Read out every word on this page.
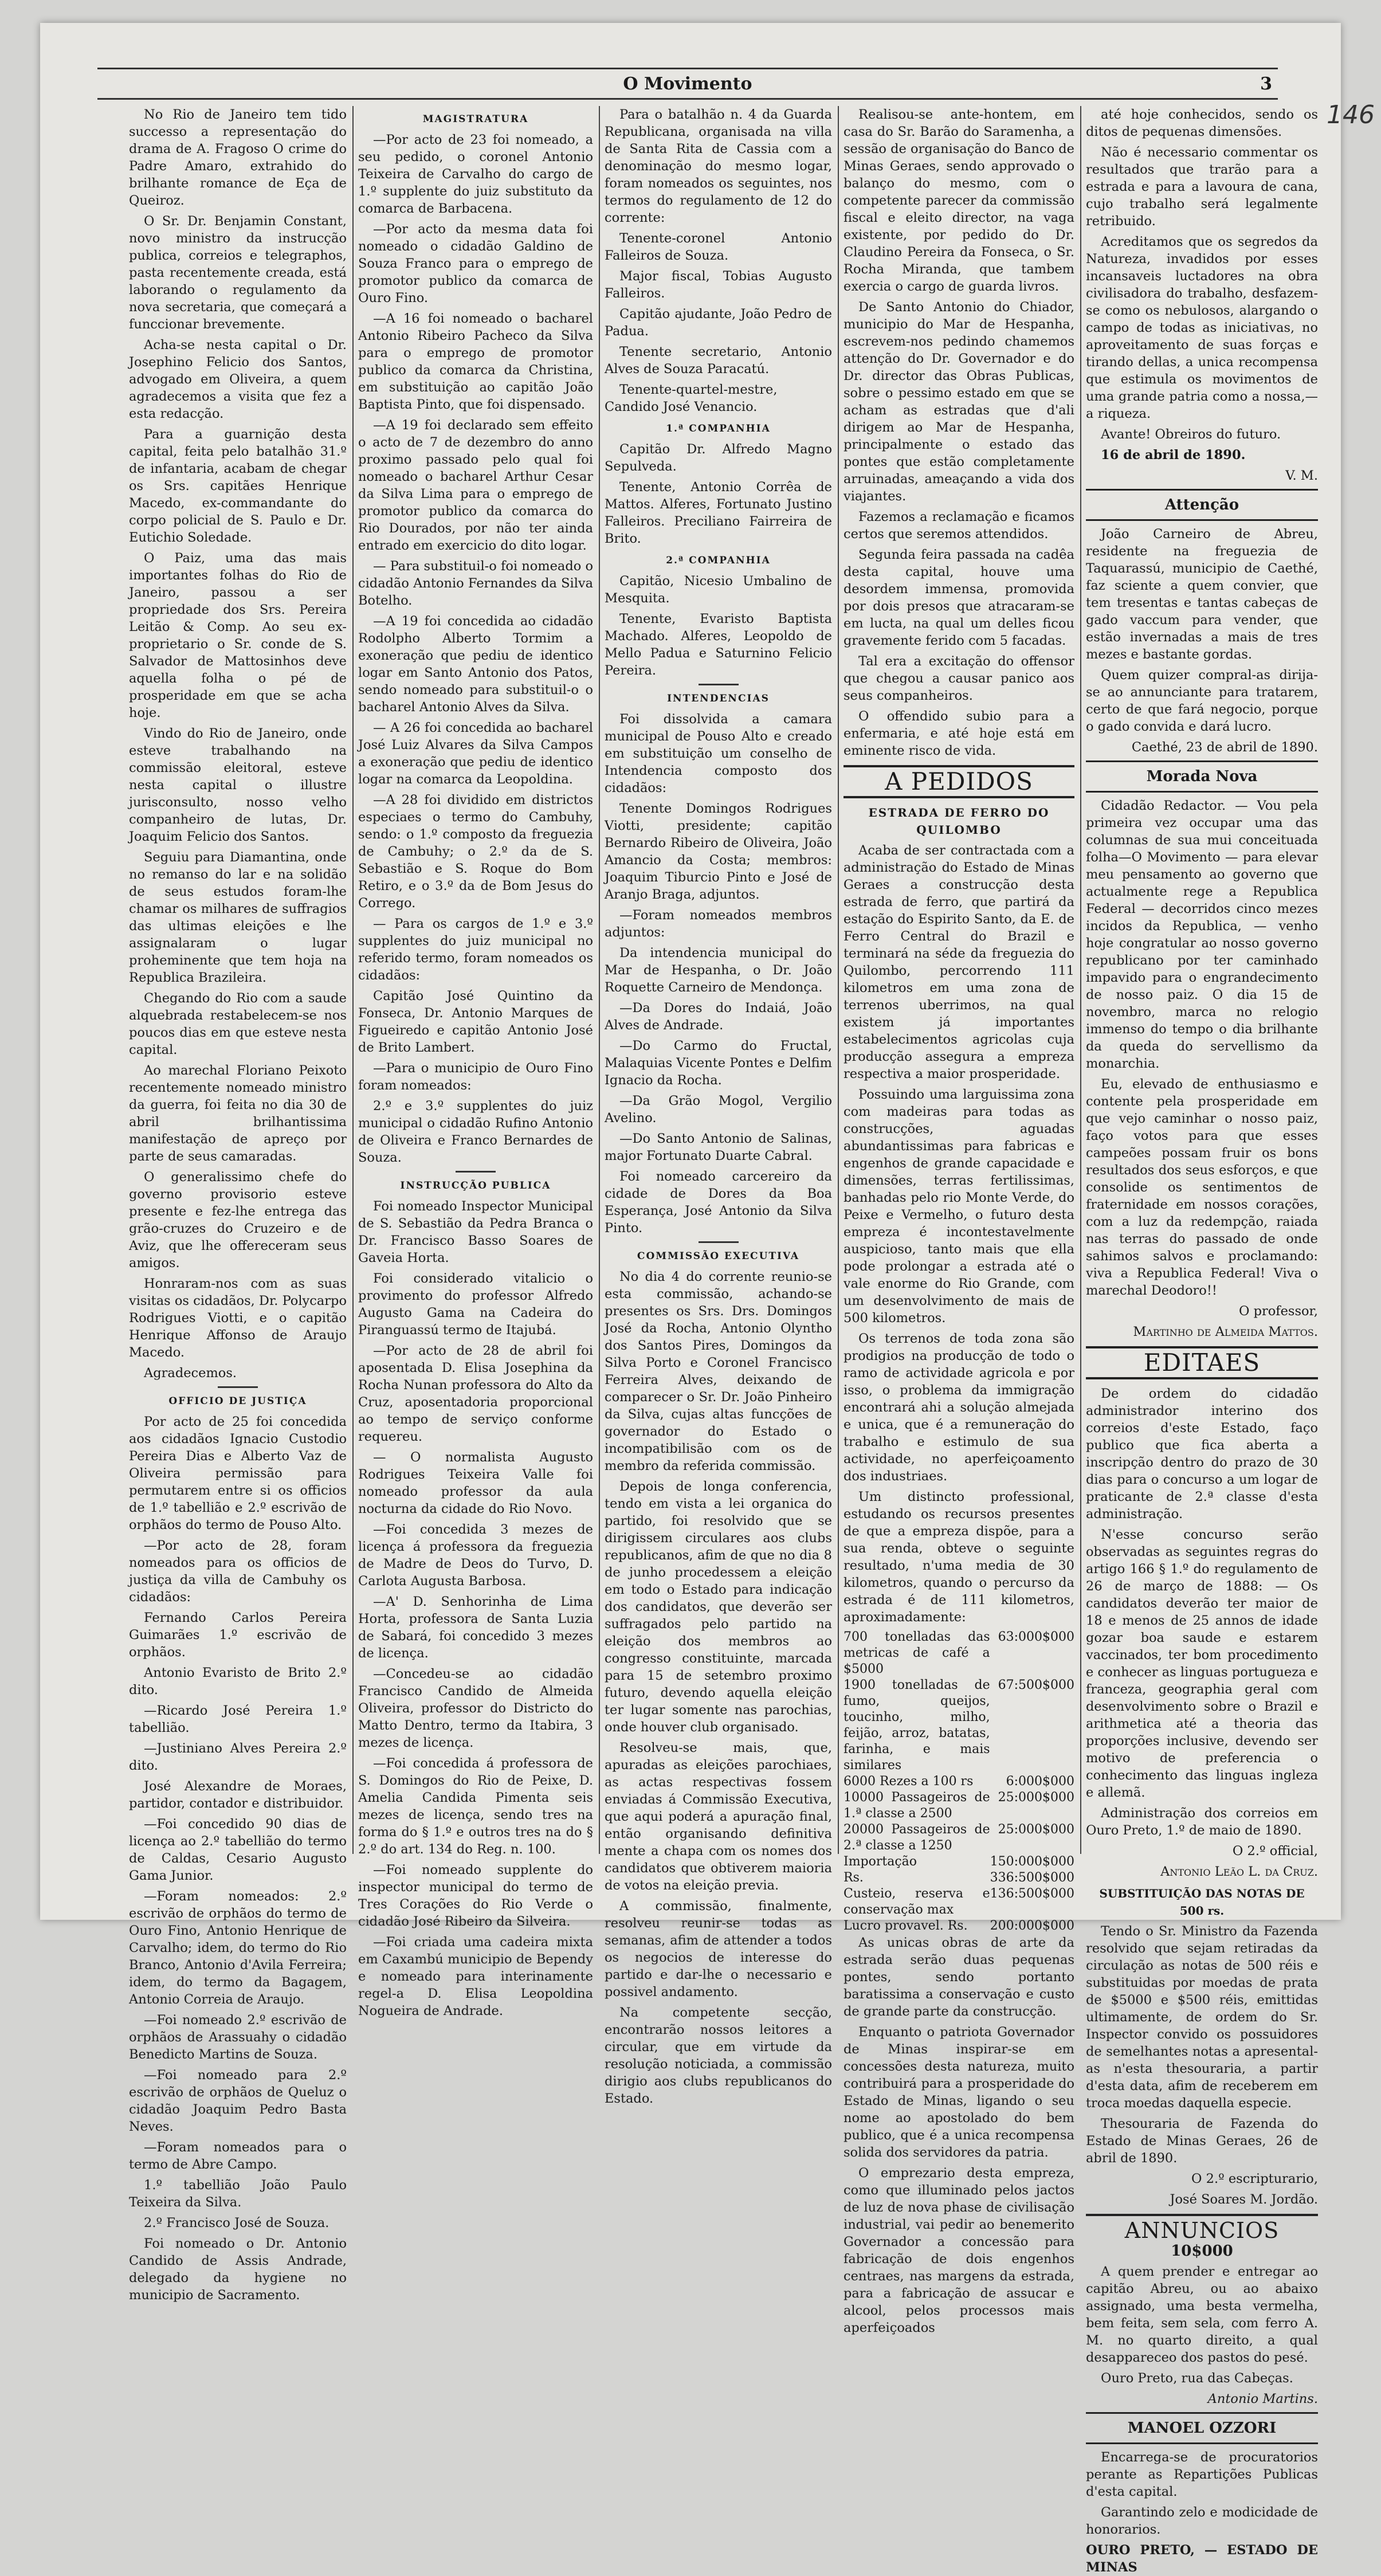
146
O Movimento	3

No Rio de Janeiro tem tido successo a representação do drama de A. Fragoso O crime do Padre Amaro, extrahido do brilhante romance de Eça de Queiroz.

O Sr. Dr. Benjamin Constant, novo ministro da instrucção publica, correios e telegraphos, pasta recentemente creada, está laborando o regulamento da nova secretaria, que começará a funccionar brevemente.

Acha-se nesta capital o Dr. Josephino Felicio dos Santos, advogado em Oliveira, a quem agradecemos a visita que fez a esta redacção.

Para a guarnição desta capital, feita pelo batalhão 31.º de infantaria, acabam de chegar os Srs. capitães Henrique Macedo, ex-commandante do corpo policial de S. Paulo e Dr. Eutichio Soledade.

O Paiz, uma das mais importantes folhas do Rio de Janeiro, passou a ser propriedade dos Srs. Pereira Leitão & Comp. Ao seu ex-proprietario o Sr. conde de S. Salvador de Mattosinhos deve aquella folha o pé de prosperidade em que se acha hoje.

Vindo do Rio de Janeiro, onde esteve trabalhando na commissão eleitoral, esteve nesta capital o illustre jurisconsulto, nosso velho companheiro de lutas, Dr. Joaquim Felicio dos Santos.

Seguiu para Diamantina, onde no remanso do lar e na solidão de seus estudos foram-lhe chamar os milhares de suffragios das ultimas eleições e lhe assignalaram o lugar proheminente que tem hoja na Republica Brazileira.

Chegando do Rio com a saude alquebrada restabelecem-se nos poucos dias em que esteve nesta capital.

Ao marechal Floriano Peixoto recentemente nomeado ministro da guerra, foi feita no dia 30 de abril brilhantissima manifestação de apreço por parte de seus camaradas.

O generalissimo chefe do governo provisorio esteve presente e fez-lhe entrega das grão-cruzes do Cruzeiro e de Aviz, que lhe offereceram seus amigos.

Honraram-nos com as suas visitas os cidadãos, Dr. Polycarpo Rodrigues Viotti, e o capitão Henrique Affonso de Araujo Macedo.

Agradecemos.

OFFICIO DE JUSTIÇA

Por acto de 25 foi concedida aos cidadãos Ignacio Custodio Pereira Dias e Alberto Vaz de Oliveira permissão para permutarem entre si os officios de 1.º tabellião e 2.º escrivão de orphãos do termo de Pouso Alto.

—Por acto de 28, foram nomeados para os officios de justiça da villa de Cambuhy os cidadãos:

Fernando Carlos Pereira Guimarães 1.º escrivão de orphãos.

Antonio Evaristo de Brito 2.º dito.

—Ricardo José Pereira 1.º tabellião.

—Justiniano Alves Pereira 2.º dito.

José Alexandre de Moraes, partidor, contador e distribuidor.

—Foi concedido 90 dias de licença ao 2.º tabellião do termo de Caldas, Cesario Augusto Gama Junior.

—Foram nomeados: 2.º escrivão de orphãos do termo de Ouro Fino, Antonio Henrique de Carvalho; idem, do termo do Rio Branco, Antonio d'Avila Ferreira; idem, do termo da Bagagem, Antonio Correia de Araujo.

—Foi nomeado 2.º escrivão de orphãos de Arassuahy o cidadão Benedicto Martins de Souza.

—Foi nomeado para 2.º escrivão de orphãos de Queluz o cidadão Joaquim Pedro Basta Neves.

—Foram nomeados para o termo de Abre Campo.

1.º tabellião João Paulo Teixeira da Silva.

2.º Francisco José de Souza.

Foi nomeado o Dr. Antonio Candido de Assis Andrade, delegado da hygiene no municipio de Sacramento.

MAGISTRATURA

—Por acto de 23 foi nomeado, a seu pedido, o coronel Antonio Teixeira de Carvalho do cargo de 1.º supplente do juiz substituto da comarca de Barbacena.

—Por acto da mesma data foi nomeado o cidadão Galdino de Souza Franco para o emprego de promotor publico da comarca de Ouro Fino.

—A 16 foi nomeado o bacharel Antonio Ribeiro Pacheco da Silva para o emprego de promotor publico da comarca da Christina, em substituição ao capitão João Baptista Pinto, que foi dispensado.

—A 19 foi declarado sem effeito o acto de 7 de dezembro do anno proximo passado pelo qual foi nomeado o bacharel Arthur Cesar da Silva Lima para o emprego de promotor publico da comarca do Rio Dourados, por não ter ainda entrado em exercicio do dito logar.

— Para substituil-o foi nomeado o cidadão Antonio Fernandes da Silva Botelho.

—A 19 foi concedida ao cidadão Rodolpho Alberto Tormim a exoneração que pediu de identico logar em Santo Antonio dos Patos, sendo nomeado para substituil-o o bacharel Antonio Alves da Silva.

— A 26 foi concedida ao bacharel José Luiz Alvares da Silva Campos a exoneração que pediu de identico logar na comarca da Leopoldina.

—A 28 foi dividido em districtos especiaes o termo do Cambuhy, sendo: o 1.º composto da freguezia de Cambuhy; o 2.º da de S. Sebastião e S. Roque do Bom Retiro, e o 3.º da de Bom Jesus do Corrego.

— Para os cargos de 1.º e 3.º supplentes do juiz municipal no referido termo, foram nomeados os cidadãos:

Capitão José Quintino da Fonseca, Dr. Antonio Marques de Figueiredo e capitão Antonio José de Brito Lambert.

—Para o municipio de Ouro Fino foram nomeados:

2.º e 3.º supplentes do juiz municipal o cidadão Rufino Antonio de Oliveira e Franco Bernardes de Souza.

INSTRUCÇÃO PUBLICA

Foi nomeado Inspector Municipal de S. Sebastião da Pedra Branca o Dr. Francisco Basso Soares de Gaveia Horta.

Foi considerado vitalicio o provimento do professor Alfredo Augusto Gama na Cadeira do Piranguassú termo de Itajubá.

—Por acto de 28 de abril foi aposentada D. Elisa Josephina da Rocha Nunan professora do Alto da Cruz, aposentadoria proporcional ao tempo de serviço conforme requereu.

— O normalista Augusto Rodrigues Teixeira Valle foi nomeado professor da aula nocturna da cidade do Rio Novo.

—Foi concedida 3 mezes de licença á professora da freguezia de Madre de Deos do Turvo, D. Carlota Augusta Barbosa.

—A' D. Senhorinha de Lima Horta, professora de Santa Luzia de Sabará, foi concedido 3 mezes de licença.

—Concedeu-se ao cidadão Francisco Candido de Almeida Oliveira, professor do Districto do Matto Dentro, termo da Itabira, 3 mezes de licença.

—Foi concedida á professora de S. Domingos do Rio de Peixe, D. Amelia Candida Pimenta seis mezes de licença, sendo tres na forma do § 1.º e outros tres na do § 2.º do art. 134 do Reg. n. 100.

—Foi nomeado supplente do inspector municipal do termo de Tres Corações do Rio Verde o cidadão José Ribeiro da Silveira.

—Foi criada uma cadeira mixta em Caxambú municipio de Bependy e nomeado para interinamente regel-a D. Elisa Leopoldina Nogueira de Andrade.

Para o batalhão n. 4 da Guarda Republicana, organisada na villa de Santa Rita de Cassia com a denominação do mesmo logar, foram nomeados os seguintes, nos termos do regulamento de 12 do corrente:

Tenente-coronel Antonio Falleiros de Souza.

Major fiscal, Tobias Augusto Falleiros.

Capitão ajudante, João Pedro de Padua.

Tenente secretario, Antonio Alves de Souza Paracatú.

Tenente-quartel-mestre, Candido José Venancio.

1.ª COMPANHIA

Capitão Dr. Alfredo Magno Sepulveda.

Tenente, Antonio Corrêa de Mattos. Alferes, Fortunato Justino Falleiros. Preciliano Fairreira de Brito.

2.ª COMPANHIA

Capitão, Nicesio Umbalino de Mesquita.

Tenente, Evaristo Baptista Machado. Alferes, Leopoldo de Mello Padua e Saturnino Felicio Pereira.

INTENDENCIAS

Foi dissolvida a camara municipal de Pouso Alto e creado em substituição um conselho de Intendencia composto dos cidadãos:

Tenente Domingos Rodrigues Viotti, presidente; capitão Bernardo Ribeiro de Oliveira, João Amancio da Costa; membros: Joaquim Tiburcio Pinto e José de Aranjo Braga, adjuntos.

—Foram nomeados membros adjuntos:

Da intendencia municipal do Mar de Hespanha, o Dr. João Roquette Carneiro de Mendonça.

—Da Dores do Indaiá, João Alves de Andrade.

—Do Carmo do Fructal, Malaquias Vicente Pontes e Delfim Ignacio da Rocha.

—Da Grão Mogol, Vergilio Avelino.

—Do Santo Antonio de Salinas, major Fortunato Duarte Cabral.

Foi nomeado carcereiro da cidade de Dores da Boa Esperança, José Antonio da Silva Pinto.

COMMISSÃO EXECUTIVA

No dia 4 do corrente reunio-se esta commissão, achando-se presentes os Srs. Drs. Domingos José da Rocha, Antonio Olyntho dos Santos Pires, Domingos da Silva Porto e Coronel Francisco Ferreira Alves, deixando de comparecer o Sr. Dr. João Pinheiro da Silva, cujas altas funcções de governador do Estado o incompatibilisão com os de membro da referida commissão.

Depois de longa conferencia, tendo em vista a lei organica do partido, foi resolvido que se dirigissem circulares aos clubs republicanos, afim de que no dia 8 de junho procedessem a eleição em todo o Estado para indicação dos candidatos, que deverão ser suffragados pelo partido na eleição dos membros ao congresso constituinte, marcada para 15 de setembro proximo futuro, devendo aquella eleição ter lugar somente nas parochias, onde houver club organisado.

Resolveu-se mais, que, apuradas as eleições parochiaes, as actas respectivas fossem enviadas á Commissão Executiva, que aqui poderá a apuração final, então organisando definitiva mente a chapa com os nomes dos candidatos que obtiverem maioria de votos na eleição previa.

A commissão, finalmente, resolveu reunir-se todas as semanas, afim de attender a todos os negocios de interesse do partido e dar-lhe o necessario e possivel andamento.

Na competente secção, encontrarão nossos leitores a circular, que em virtude da resolução noticiada, a commissão dirigio aos clubs republicanos do Estado.

Realisou-se ante-hontem, em casa do Sr. Barão do Saramenha, a sessão de organisação do Banco de Minas Geraes, sendo approvado o balanço do mesmo, com o competente parecer da commissão fiscal e eleito director, na vaga existente, por pedido do Dr. Claudino Pereira da Fonseca, o Sr. Rocha Miranda, que tambem exercia o cargo de guarda livros.

De Santo Antonio do Chiador, municipio do Mar de Hespanha, escrevem-nos pedindo chamemos attenção do Dr. Governador e do Dr. director das Obras Publicas, sobre o pessimo estado em que se acham as estradas que d'ali dirigem ao Mar de Hespanha, principalmente o estado das pontes que estão completamente arruinadas, ameaçando a vida dos viajantes.

Fazemos a reclamação e ficamos certos que seremos attendidos.

Segunda feira passada na cadêa desta capital, houve uma desordem immensa, promovida por dois presos que atracaram-se em lucta, na qual um delles ficou gravemente ferido com 5 facadas.

Tal era a excitação do offensor que chegou a causar panico aos seus companheiros.

O offendido subio para a enfermaria, e até hoje está em eminente risco de vida.

A PEDIDOS
ESTRADA DE FERRO DO QUILOMBO

Acaba de ser contractada com a administração do Estado de Minas Geraes a construcção desta estrada de ferro, que partirá da estação do Espirito Santo, da E. de Ferro Central do Brazil e terminará na séde da freguezia do Quilombo, percorrendo 111 kilometros em uma zona de terrenos uberrimos, na qual existem já importantes estabelecimentos agricolas cuja producção assegura a empreza respectiva a maior prosperidade.

Possuindo uma larguissima zona com madeiras para todas as construcções, aguadas abundantissimas para fabricas e engenhos de grande capacidade e dimensões, terras fertilissimas, banhadas pelo rio Monte Verde, do Peixe e Vermelho, o futuro desta empreza é incontestavelmente auspicioso, tanto mais que ella pode prolongar a estrada até o vale enorme do Rio Grande, com um desenvolvimento de mais de 500 kilometros.

Os terrenos de toda zona são prodigios na producção de todo o ramo de actividade agricola e por isso, o problema da immigração encontrará ahi a solução almejada e unica, que é a remuneração do trabalho e estimulo de sua actividade, no aperfeiçoamento dos industriaes.

Um distincto professional, estudando os recursos presentes de que a empreza dispõe, para a sua renda, obteve o seguinte resultado, n'uma media de 30 kilometros, quando o percurso da estrada é de 111 kilometros, aproximadamente:

700 tonelladas das metricas de café a $5000	63:000$000
1900 tonelladas de fumo, queijos, toucinho, milho, feijão, arroz, batatas, farinha, e mais similares	67:500$000
6000 Rezes a 100 rs	6:000$000
10000 Passageiros de 1.ª classe a 2500	25:000$000
20000 Passageiros de 2.ª classe a 1250	25:000$000
Importação	150:000$000
Rs.	336:500$000
Custeio, reserva e conservação max	136:500$000
Lucro provavel. Rs.	200:000$000

As unicas obras de arte da estrada serão duas pequenas pontes, sendo portanto baratissima a conservação e custo de grande parte da construcção.

Enquanto o patriota Governador de Minas inspirar-se em concessões desta natureza, muito contribuirá para a prosperidade do Estado de Minas, ligando o seu nome ao apostolado do bem publico, que é a unica recompensa solida dos servidores da patria.

O emprezario desta empreza, como que illuminado pelos jactos de luz de nova phase de civilisação industrial, vai pedir ao benemerito Governador a concessão para fabricação de dois engenhos centraes, nas margens da estrada, para a fabricação de assucar e alcool, pelos processos mais aperfeiçoados

até hoje conhecidos, sendo os ditos de pequenas dimensões.

Não é necessario commentar os resultados que trarão para a estrada e para a lavoura de cana, cujo trabalho será legalmente retribuido.

Acreditamos que os segredos da Natureza, invadidos por esses incansaveis luctadores na obra civilisadora do trabalho, desfazem-se como os nebulosos, alargando o campo de todas as iniciativas, no aproveitamento de suas forças e tirando dellas, a unica recompensa que estimula os movimentos de uma grande patria como a nossa,—a riqueza.

Avante! Obreiros do futuro.

16 de abril de 1890.

V. M.

Attenção

João Carneiro de Abreu, residente na freguezia de Taquarassú, municipio de Caethé, faz sciente a quem convier, que tem tresentas e tantas cabeças de gado vaccum para vender, que estão invernadas a mais de tres mezes e bastante gordas.

Quem quizer compral-as dirija-se ao annunciante para tratarem, certo de que fará negocio, porque o gado convida e dará lucro.

Caethé, 23 de abril de 1890.

Morada Nova

Cidadão Redactor. — Vou pela primeira vez occupar uma das columnas de sua mui conceituada folha—O Movimento — para elevar meu pensamento ao governo que actualmente rege a Republica Federal — decorridos cinco mezes incidos da Republica, — venho hoje congratular ao nosso governo republicano por ter caminhado impavido para o engrandecimento de nosso paiz. O dia 15 de novembro, marca no relogio immenso do tempo o dia brilhante da queda do servellismo da monarchia.

Eu, elevado de enthusiasmo e contente pela prosperidade em que vejo caminhar o nosso paiz, faço votos para que esses campeões possam fruir os bons resultados dos seus esforços, e que consolide os sentimentos de fraternidade em nossos corações, com a luz da redempção, raiada nas terras do passado de onde sahimos salvos e proclamando: viva a Republica Federal! Viva o marechal Deodoro!!

O professor,

Martinho de Almeida Mattos.

EDITAES

De ordem do cidadão administrador interino dos correios d'este Estado, faço publico que fica aberta a inscripção dentro do prazo de 30 dias para o concurso a um logar de praticante de 2.ª classe d'esta administração.

N'esse concurso serão observadas as seguintes regras do artigo 166 § 1.º do regulamento de 26 de março de 1888: — Os candidatos deverão ter maior de 18 e menos de 25 annos de idade gozar boa saude e estarem vaccinados, ter bom procedimento e conhecer as linguas portugueza e franceza, geographia geral com desenvolvimento sobre o Brazil e arithmetica até a theoria das proporções inclusive, devendo ser motivo de preferencia o conhecimento das linguas ingleza e allemã.

Administração dos correios em Ouro Preto, 1.º de maio de 1890.

O 2.º official,

Antonio Leão L. da Cruz.

SUBSTITUIÇÃO DAS NOTAS DE 500 rs.

Tendo o Sr. Ministro da Fazenda resolvido que sejam retiradas da circulação as notas de 500 réis e substituidas por moedas de prata de $5000 e $500 réis, emittidas ultimamente, de ordem do Sr. Inspector convido os possuidores de semelhantes notas a apresental-as n'esta thesouraria, a partir d'esta data, afim de receberem em troca moedas daquella especie.

Thesouraria de Fazenda do Estado de Minas Geraes, 26 de abril de 1890.

O 2.º escripturario,

José Soares M. Jordão.

ANNUNCIOS
10$000

A quem prender e entregar ao capitão Abreu, ou ao abaixo assignado, uma besta vermelha, bem feita, sem sela, com ferro A. M. no quarto direito, a qual desappareceo dos pastos do pesé.

Ouro Preto, rua das Cabeças.

Antonio Martins.

MANOEL OZZORI

Encarrega-se de procuratorios perante as Repartições Publicas d'esta capital.

Garantindo zelo e modicidade de honorarios.

OURO PRETO, — ESTADO DE MINAS
